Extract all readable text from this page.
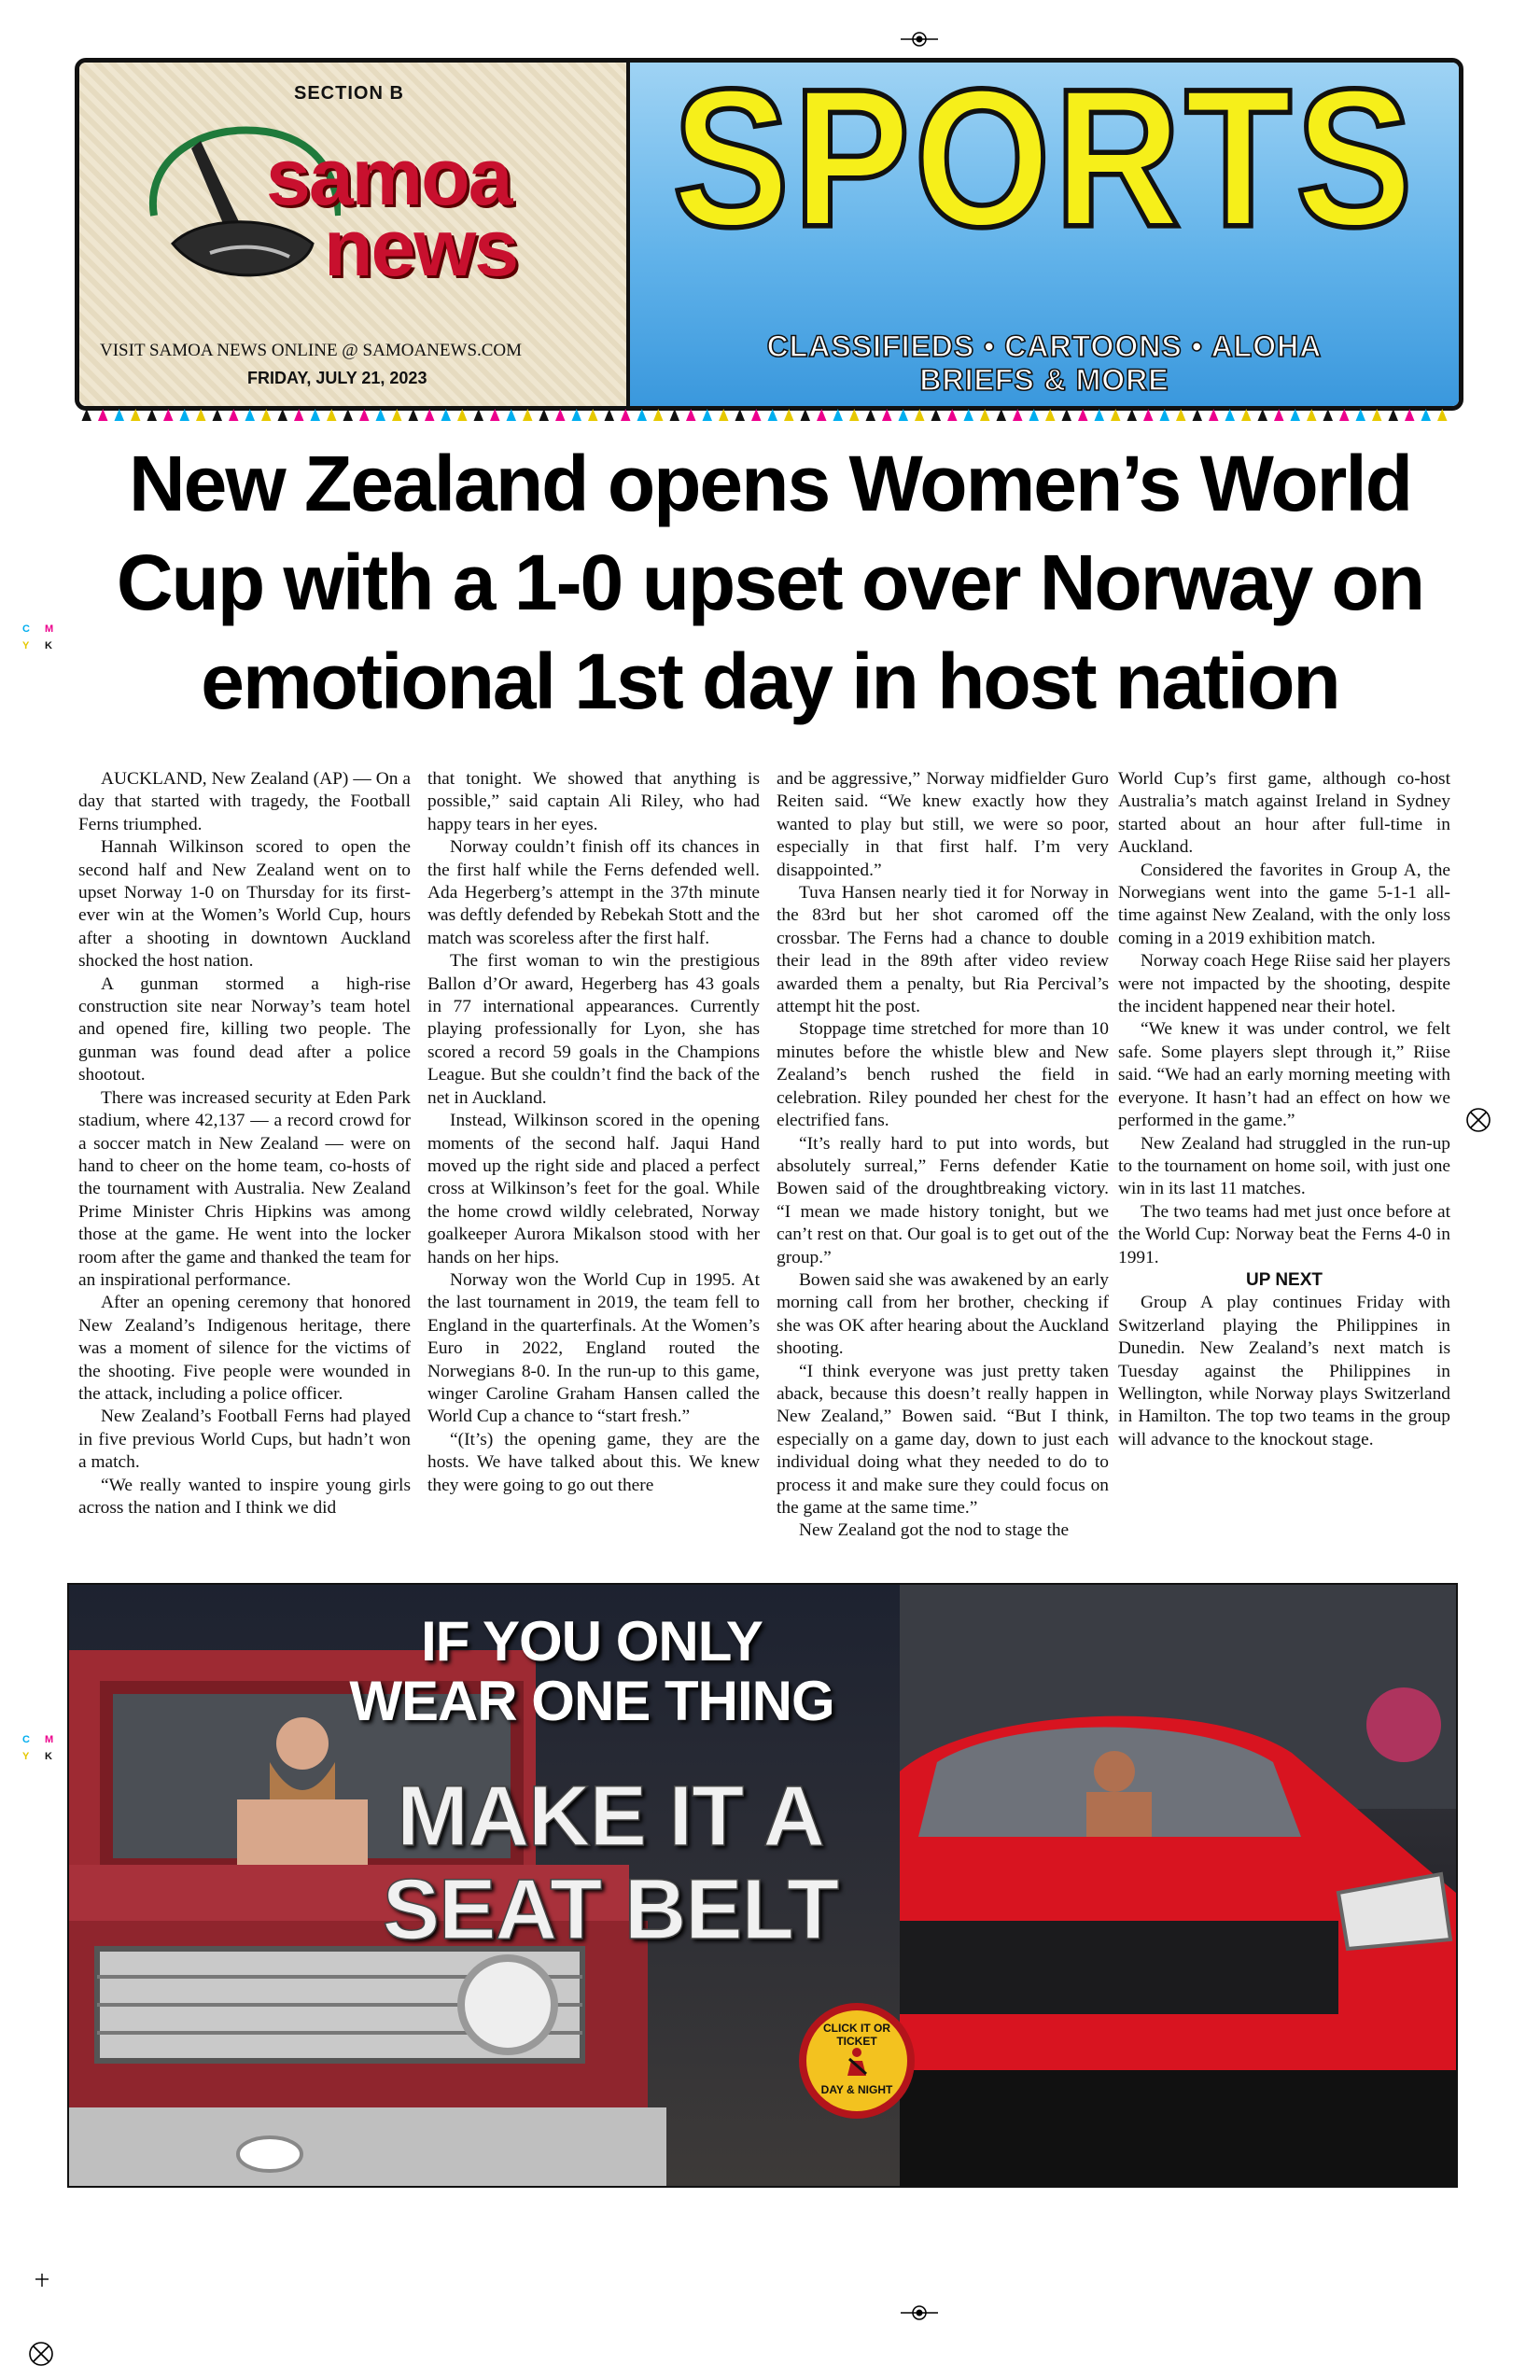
C M
Y K
C M
Y K
SECTION B
samoa
news
VISIT SAMOA NEWS ONLINE @ SAMOANEWS.COM
FRIDAY, JULY 21, 2023
SPORTS
CLASSIFIEDS • CARTOONS • ALOHA
BRIEFS & MORE
New Zealand opens Women’s World Cup with a 1-0 upset over Norway on emotional 1st day in host nation

AUCKLAND, New Zealand (AP) — On a day that started with tragedy, the Football Ferns triumphed.

Hannah Wilkinson scored to open the second half and New Zealand went on to upset Norway 1-0 on Thursday for its first-ever win at the Women’s World Cup, hours after a shooting in downtown Auckland shocked the host nation.

A gunman stormed a high-rise construction site near Norway’s team hotel and opened fire, killing two people. The gunman was found dead after a police shootout.

There was increased security at Eden Park stadium, where 42,137 — a record crowd for a soccer match in New Zealand — were on hand to cheer on the home team, co-hosts of the tournament with Australia. New Zealand Prime Minister Chris Hipkins was among those at the game. He went into the locker room after the game and thanked the team for an inspirational performance.

After an opening ceremony that honored New Zealand’s Indigenous heritage, there was a moment of silence for the victims of the shooting. Five people were wounded in the attack, including a police officer.

New Zealand’s Football Ferns had played in five previous World Cups, but hadn’t won a match.

“We really wanted to inspire young girls across the nation and I think we did

that tonight. We showed that anything is possible,” said captain Ali Riley, who had happy tears in her eyes.

Norway couldn’t finish off its chances in the first half while the Ferns defended well. Ada Hegerberg’s attempt in the 37th minute was deftly defended by Rebekah Stott and the match was scoreless after the first half.

The first woman to win the prestigious Ballon d’Or award, Hegerberg has 43 goals in 77 international appearances. Currently playing professionally for Lyon, she has scored a record 59 goals in the Champions League. But she couldn’t find the back of the net in Auckland.

Instead, Wilkinson scored in the opening moments of the second half. Jaqui Hand moved up the right side and placed a perfect cross at Wilkinson’s feet for the goal. While the home crowd wildly celebrated, Norway goalkeeper Aurora Mikalson stood with her hands on her hips.

Norway won the World Cup in 1995. At the last tournament in 2019, the team fell to England in the quarterfinals. At the Women’s Euro in 2022, England routed the Norwegians 8-0. In the run-up to this game, winger Caroline Graham Hansen called the World Cup a chance to “start fresh.”

“(It’s) the opening game, they are the hosts. We have talked about this. We knew they were going to go out there

and be aggressive,” Norway midfielder Guro Reiten said. “We knew exactly how they wanted to play but still, we were so poor, especially in that first half. I’m very disappointed.”

Tuva Hansen nearly tied it for Norway in the 83rd but her shot caromed off the crossbar. The Ferns had a chance to double their lead in the 89th after video review awarded them a penalty, but Ria Percival’s attempt hit the post.

Stoppage time stretched for more than 10 minutes before the whistle blew and New Zealand’s bench rushed the field in celebration. Riley pounded her chest for the electrified fans.

“It’s really hard to put into words, but absolutely surreal,” Ferns defender Katie Bowen said of the droughtbreaking victory. “I mean we made history tonight, but we can’t rest on that. Our goal is to get out of the group.”

Bowen said she was awakened by an early morning call from her brother, checking if she was OK after hearing about the Auckland shooting.

“I think everyone was just pretty taken aback, because this doesn’t really happen in New Zealand,” Bowen said. “But I think, especially on a game day, down to just each individual doing what they needed to do to process it and make sure they could focus on the game at the same time.”

New Zealand got the nod to stage the

World Cup’s first game, although co-host Australia’s match against Ireland in Sydney started about an hour after full-time in Auckland.

Considered the favorites in Group A, the Norwegians went into the game 5-1-1 all-time against New Zealand, with the only loss coming in a 2019 exhibition match.

Norway coach Hege Riise said her players were not impacted by the shooting, despite the incident happened near their hotel.

“We knew it was under control, we felt safe. Some players slept through it,” Riise said. “We had an early morning meeting with everyone. It hasn’t had an effect on how we performed in the game.”

New Zealand had struggled in the run-up to the tournament on home soil, with just one win in its last 11 matches.

The two teams had met just once before at the World Cup: Norway beat the Ferns 4-0 in 1991.

UP NEXT

Group A play continues Friday with Switzerland playing the Philippines in Dunedin. New Zealand’s next match is Tuesday against the Philippines in Wellington, while Norway plays Switzerland in Hamilton. The top two teams in the group will advance to the knockout stage.

IF YOU ONLY
WEAR ONE THING
MAKE IT A
SEAT BELT
CLICK IT OR TICKET
DAY & NIGHT
